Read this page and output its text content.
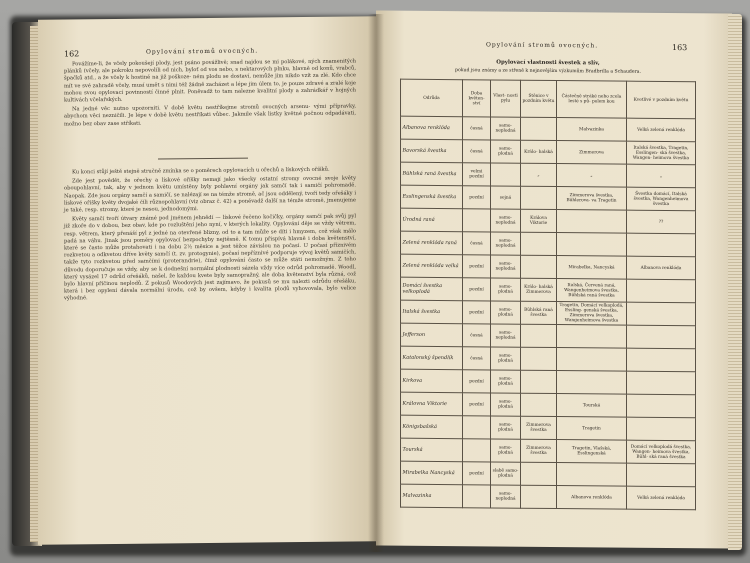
162	Opylování stromů ovocných.

Povážíme-li, že včely pokoušejí plody, jest psáno povážlivě; snad najdou se mi polákové, ných znamenitých plánků (včely, ale pokroku nepovolili od nich, byloť od vos nebo, s nektarových plnku, hlavně od konů, vrabců, špačků atd., a že včely k hostině na již poškoze- ném plodu se dostaví, nemůže jim nikdo vzít za zlé. Kdo chce mít ve své zahradě včely, musí umět s nimi též žádně zacházet a lépe jim úlem to, je pouze zdravé a zralé koje mohou svou opylovací povinností činné plnit. Poněvadž to tam nalezne kvalitní plody a zahrádkář v hojných kultivách včelařských.

Na jedné věc nutno upozorniti. V době květu nestříkejme stromů ovocných arsenu- vými přípravky, abychom věci nezničili. Je lépe v době květu nestříkati vůbec. Jakmile však listky květné počnou odpadávati, možno bez obav zase stříkati.

Ku konci stůjí ještě stejně stručně zmínka se o poměrech opylovacích u ořechů a lískových oříšků.

Zde jest povědět, že ořechy a lískové oříšky nemají jako všecky ostatní stromy ovocné svoje květy oboupohlavní, tak, aby v jednom květu umístěny byly pohlavní orgány jak samčí tak i samičí pohromadě. Naopak. Zde jsou orgány samčí a samičí, se nalézají se na témže stromě, ač jsou oddělený, tvoří tedy ořešáky i lískové oříšky květy dvojaké čili různopohlavní (viz obraz č. 42) a poněvadž další na témže stromě, jmenujeme je také, resp. stromy, které je nesou, jednodomými.

Květy samčí tvoří útvary známé pod jménem jehnědí — lískové řečeno kočičky, orgány samčí pak svůj pyl již zkoře do v dobou, bez obav, kde po rozluštění jeho nyní, v kterých lokality. Opylování děje se vždy větrem, resp. větrem, který přenáší pyl z jedné na otevřené blizny, od to a tam může se díti i hmyzem, což však málo padá na váhu. Jinak jsou poměry opylovací bezpochyby nejtěsně. K tomu přispívá hlavně i doba květenství, které se často může protahovati i na dobu 2½ měsíce a jest těžce závislou na počasí. U počasí příznivém rozkvetou a odkvetou dříve květy samčí (t. zv. protogynie), počasí nepříznivé podporuje vývoj květů samičích, takže tyto rozkvetou před samčími (proterandrie), čímž opylování často se může státi nemožným. Z toho důvodu doporučuje se vždy, aby se k dodnešní normální plodnosti sázela vždy více odrůd pohromadě. Woodl, který vysázel 17 odrůd ořešáků, našel, že každou kvete byly samopražný, ale doba květenství byla různá, což bylo hlavní příčinou neplodů. Z pokusů Woodových jest zajímavo, že pokusů se mu nalezti odrůdu ořešáku, která i bez opylení dávala normální úrodu, což by ovšem, kdyby i kvalita plodů vyhovovala, bylo velice výhodné.

Opylování stromů ovocných.	163
Opylovací vlastnosti švestek a slív,
pokud jsou známy a ze střeně k nejnovějším výzkumům Bradbrilla a Schaudera.
Odrůda	Doba květen- ství	Vlast- nosti pylu	Stěnice v pozdním květu	Částečně stráké nebo zcela lesté s pů- polem kou	Kvetlivé v pozdním květu
Albanova renklóda	časná	samo- neplodná		Malvazinka	Velká zelená renklóda
Bavorská švestka	časná	samo- plodná	Králo- halská	Zimmerova	Italská švestka, Tragetin, Esslingen- ská švestka, Wangen- heimova švestka
Bühlská raná švestka	velmi pozdní		„	„	„
Esslingenská švestka	pozdní	sejná		Zimmerova švestka, Bühlerova- va Tragetin	Švestka domácí, Italská švestka, Wangenheimova švestka
Úrodná raná		samo- neplodná	Králova Viktorie		??
Zelená renklóda raná	časná	samo- neplodná			
Zelená renklóda velká	pozdní	samo- neplodná		Mirabelka, Nancyská	Albanova renklóda
Domácí švestka velkoplodá	pozdní	samo- plodná	Králo- halská Zimmerova	Italská, Červená raná, Wangenheimova švestka, Bühlská raná švestka	
Italská švestka	pozdní	samo- plodná	Bühlská raná švestka	Tragetin, Domácí velkoplodá, Essling- genská švestka, Zimmerova švestka, Wangenheimova švestka	
Jefferson	časná	samo- neplodná			
Katalonský špendlík	časná	samo- plodná			
Kirkova	pozdní	samo- plodná			
Královna Viktorie	pozdní	samo- plodná		Tourská	
Königsbašská		samo- plodná	Zimmerova švestka	Tragetin	
Tourská		samo- plodná	Zimmerova švestka	Tragetin, Vlašská, Esslingenská	Domácí velkoplodá švestka, Wangen- heimova švestka, Bühl- ská raná švestka
Mirabelka Nancyská	pozdní	slabě samo- plodná			
Malvazinka		samo- neplodná		Albanova renklóda	Velká zelená renklóda
